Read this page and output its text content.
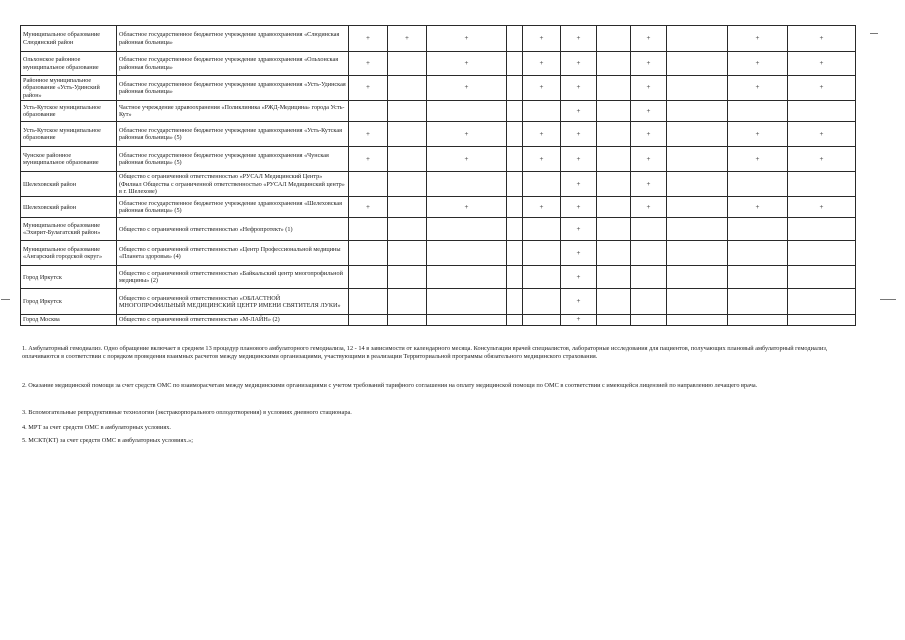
Муниципальное образование Слюдянский район	Областное государственное бюджетное учреждение здравоохранения «Слюдянская районная больница»	+	+	+		+	+		+		+	+
Ольхонское районное муниципальное образование	Областное государственное бюджетное учреждение здравоохранения «Ольхонская районная больница»	+		+		+	+		+		+	+
Районное муниципальное образование «Усть-Удинский район»	Областное государственное бюджетное учреждение здравоохранения «Усть-Удинская районная больница»	+		+		+	+		+		+	+
Усть-Кутское муниципальное образование	Частное учреждение здравоохранения «Поликлиника «РЖД-Медицина» города Усть-Кут»						+		+			
Усть-Кутское муниципальное образование	Областное государственное бюджетное учреждение здравоохранения «Усть-Кутская районная больница» (5)	+		+		+	+		+		+	+
Чунское районное муниципальное образование	Областное государственное бюджетное учреждение здравоохранения «Чунская районная больница» (5)	+		+		+	+		+		+	+
Шелеховский район	Общество с ограниченной ответственностью «РУСАЛ Медицинский Центр» (Филиал Общества с ограниченной ответственностью «РУСАЛ Медицинский центр» в г. Шелехове)						+		+			
Шелеховский район	Областное государственное бюджетное учреждение здравоохранения «Шелеховская районная больница» (5)	+		+		+	+		+		+	+
Муниципальное образование «Эхирит-Булагатский район»	Общество с ограниченной ответственностью «Нефропротект» (1)						+					
Муниципальное образование «Ангарский городской округ»	Общество с ограниченной ответственностью «Центр Профессиональной медицины «Планета здоровья» (4)						+					
Город Иркутск	Общество с ограниченной ответственностью «Байкальский центр многопрофильной медицины» (2)						+					
Город Иркутск	Общество с ограниченной ответственностью «ОБЛАСТНОЙ МНОГОПРОФИЛЬНЫЙ МЕДИЦИНСКИЙ ЦЕНТР ИМЕНИ СВЯТИТЕЛЯ ЛУКИ»						+					
Город Москва	Общество с ограниченной ответственностью «М-ЛАЙН» (2)						+					

1. Амбулаторный гемодиализ. Одно обращение включает в среднем 13 процедур планового амбулаторного гемодиализа, 12 - 14 в зависимости от календарного месяца. Консультации врачей специалистов, лабораторные исследования для пациентов, получающих плановый амбулаторный гемодиализ, оплачиваются в соответствии с порядком проведения взаимных расчетов между медицинскими организациями, участвующими в реализации Территориальной программы обязательного медицинского страхования.

2. Оказание медицинской помощи за счет средств ОМС по взаиморасчетам между медицинскими организациями с учетом требований тарифного соглашения на оплату медицинской помощи по ОМС в соответствии с имеющейся лицензией по направлению лечащего врача.

3. Вспомогательные репродуктивные технологии (экстракорпорального оплодотворения) в условиях дневного стационара.

4. МРТ за счет средств ОМС в амбулаторных условиях.

5. МСКТ(КТ) за счет средств ОМС в амбулаторных условиях.»;
